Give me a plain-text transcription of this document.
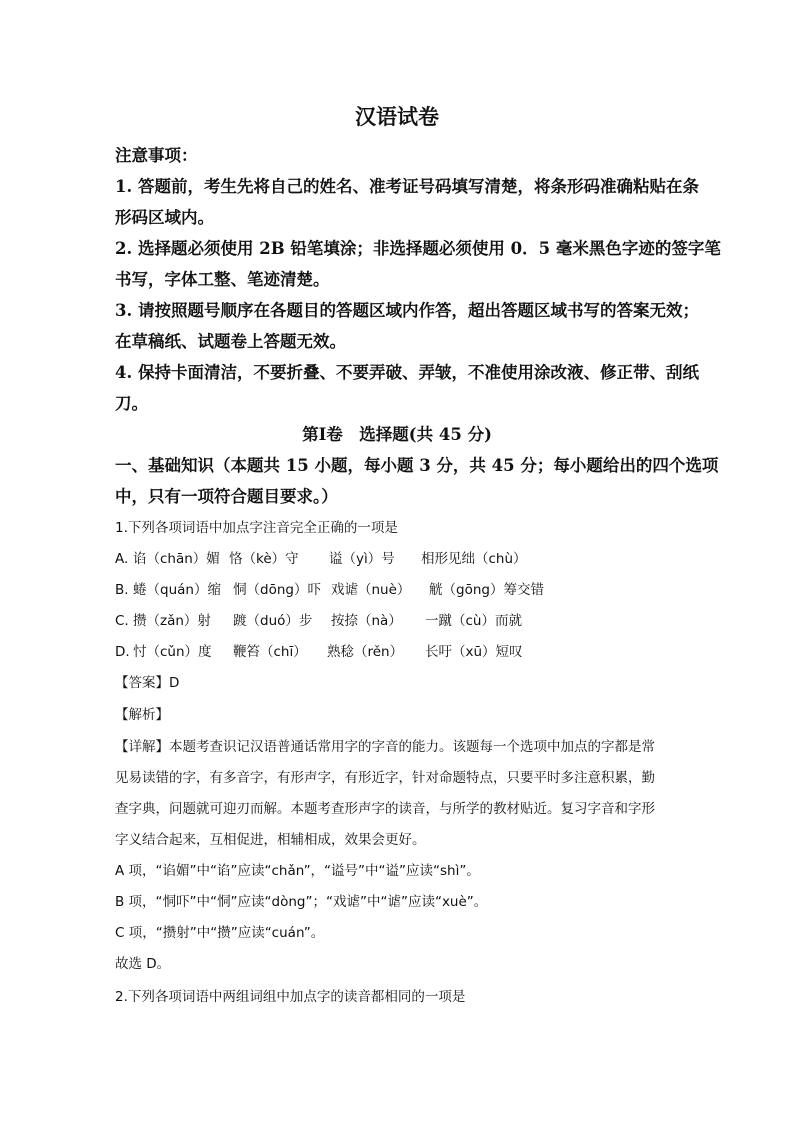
汉语试卷
注意事项：
1. 答题前，考生先将自己的姓名、准考证号码填写清楚，将条形码准确粘贴在条
形码区域内。
2. 选择题必须使用 2B 铅笔填涂；非选择题必须使用 0．5 毫米黑色字迹的签字笔
书写，字体工整、笔迹清楚。
3. 请按照题号顺序在各题目的答题区域内作答，超出答题区域书写的答案无效；
在草稿纸、试题卷上答题无效。
4. 保持卡面清洁，不要折叠、不要弄破、弄皱，不准使用涂改液、修正带、刮纸
刀。
第Ⅰ卷　选择题(共 45 分)
一、基础知识（本题共 15 小题，每小题 3 分，共 45 分；每小题给出的四个选项
中，只有一项符合题目要求。）
1.下列各项词语中加点字注音完全正确的一项是
A. 谄（chān）媚 恪（kè）守 谥（yì）号 相形见绌（chù）
B. 蜷（quán）缩 恫（dōng）吓 戏谑（nuè） 觥（gōng）筹交错
C. 攒（zǎn）射 踱（duó）步 按捺（nà） 一蹴（cù）而就
D. 忖（cǔn）度 鞭笞（chī） 熟稔（rěn） 长吁（xū）短叹
【答案】D
【解析】
【详解】本题考查识记汉语普通话常用字的字音的能力。该题每一个选项中加点的字都是常
见易读错的字，有多音字，有形声字，有形近字，针对命题特点，只要平时多注意积累，勤
查字典，问题就可迎刃而解。本题考查形声字的读音，与所学的教材贴近。复习字音和字形
字义结合起来，互相促进，相辅相成，效果会更好。
A 项，“谄媚”中“谄”应读“chǎn”，“谥号”中“谥”应读“shì”。
B 项，“恫吓”中“恫”应读“dòng”；“戏谑”中“谑”应读“xuè”。
C 项，“攒射”中“攒”应读“cuán”。
故选 D。
2.下列各项词语中两组词组中加点字的读音都相同的一项是
